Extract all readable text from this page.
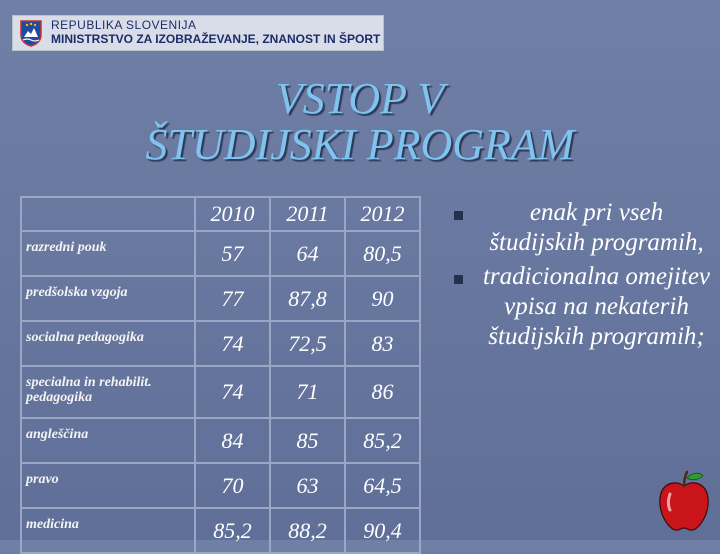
REPUBLIKA SLOVENIJA
MINISTRSTVO ZA IZOBRAŽEVANJE, ZNANOST IN ŠPORT
VSTOP V
ŠTUDIJSKI PROGRAM
	2010	2011	2012
razredni pouk	57	64	80,5
predšolska vzgoja	77	87,8	90
socialna pedagogika	74	72,5	83
specialna in rehabilit. pedagogika	74	71	86
angleščina	84	85	85,2
pravo	70	63	64,5
medicina	85,2	88,2	90,4
enak pri vseh študijskih programih,
tradicionalna omejitev vpisa na nekaterih študijskih programih;
